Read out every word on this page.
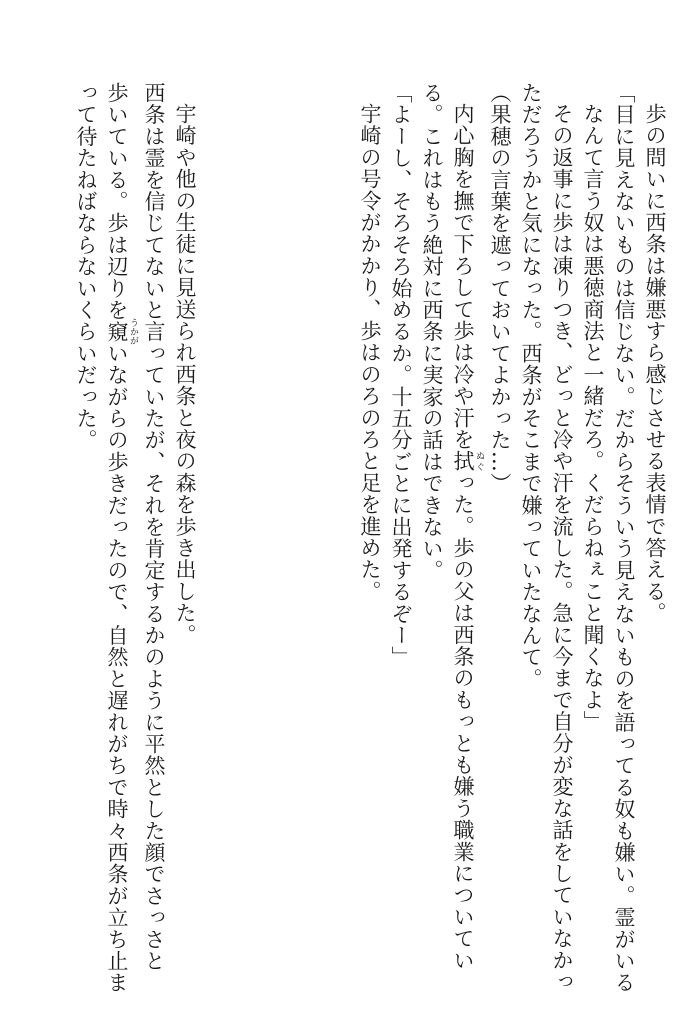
歩の問いに西条は嫌悪すら感じさせる表情で答える。
「目に見えないものは信じない。だからそういう見えないものを語ってる奴も嫌い。霊がいる
なんて言う奴は悪徳商法と一緒だろ。くだらねぇこと聞くなよ」
その返事に歩は凍りつき、どっと冷や汗を流した。急に今まで自分が変な話をしていなかっ
ただろうかと気になった。西条がそこまで嫌っていたなんて。
（果穂の言葉を遮っておいてよかった…）
内心胸を撫で下ろして歩は冷や汗を拭 ぬぐった。歩の父は西条のもっとも嫌う職業についてい
る。これはもう絶対に西条に実家の話はできない。
「よーし、そろそろ始めるか。十五分ごとに出発するぞー」
宇崎の号令がかかり、歩はのろのろと足を進めた。
宇崎や他の生徒に見送られ西条と夜の森を歩き出した。
西条は霊を信じてないと言っていたが、それを肯定するかのように平然とした顔でさっさと
歩いている。歩は辺りを窺 うかがいながらの歩きだったので、自然と遅れがちで時々西条が立ち止ま
って待たねばならないくらいだった。
